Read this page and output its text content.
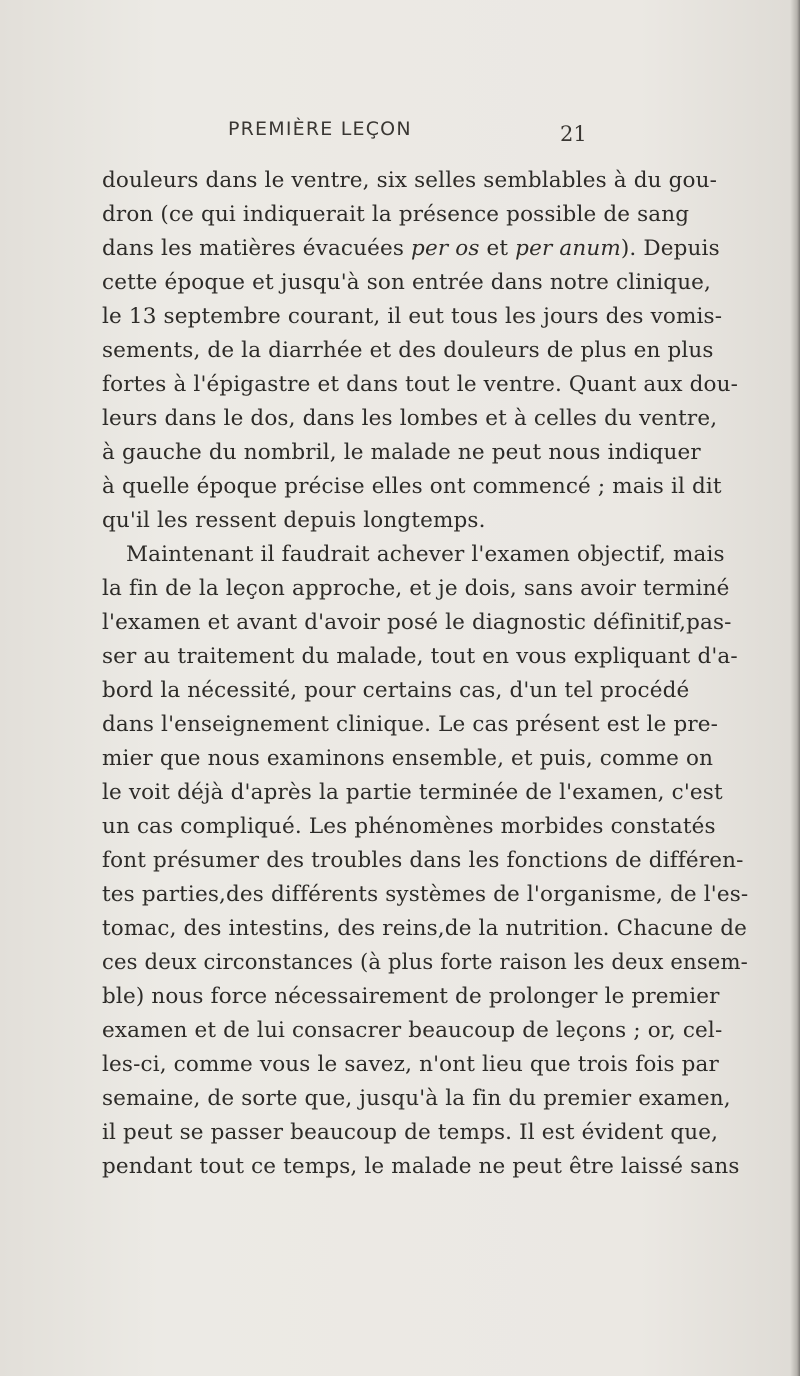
PREMIÈRE LEÇON	21
douleurs dans le ventre, six selles semblables à du gou-
dron (ce qui indiquerait la présence possible de sang
dans les matières évacuées per os et per anum). Depuis
cette époque et jusqu'à son entrée dans notre clinique,
le 13 septembre courant, il eut tous les jours des vomis-
sements, de la diarrhée et des douleurs de plus en plus
fortes à l'épigastre et dans tout le ventre. Quant aux dou-
leurs dans le dos, dans les lombes et à celles du ventre,
à gauche du nombril, le malade ne peut nous indiquer
à quelle époque précise elles ont commencé ; mais il dit
qu'il les ressent depuis longtemps.
Maintenant il faudrait achever l'examen objectif, mais
la fin de la leçon approche, et je dois, sans avoir terminé
l'examen et avant d'avoir posé le diagnostic définitif,pas-
ser au traitement du malade, tout en vous expliquant d'a-
bord la nécessité, pour certains cas, d'un tel procédé
dans l'enseignement clinique. Le cas présent est le pre-
mier que nous examinons ensemble, et puis, comme on
le voit déjà d'après la partie terminée de l'examen, c'est
un cas compliqué. Les phénomènes morbides constatés
font présumer des troubles dans les fonctions de différen-
tes parties,des différents systèmes de l'organisme, de l'es-
tomac, des intestins, des reins,de la nutrition. Chacune de
ces deux circonstances (à plus forte raison les deux ensem-
ble) nous force nécessairement de prolonger le premier
examen et de lui consacrer beaucoup de leçons ; or, cel-
les-ci, comme vous le savez, n'ont lieu que trois fois par
semaine, de sorte que, jusqu'à la fin du premier examen,
il peut se passer beaucoup de temps. Il est évident que,
pendant tout ce temps, le malade ne peut être laissé sans
